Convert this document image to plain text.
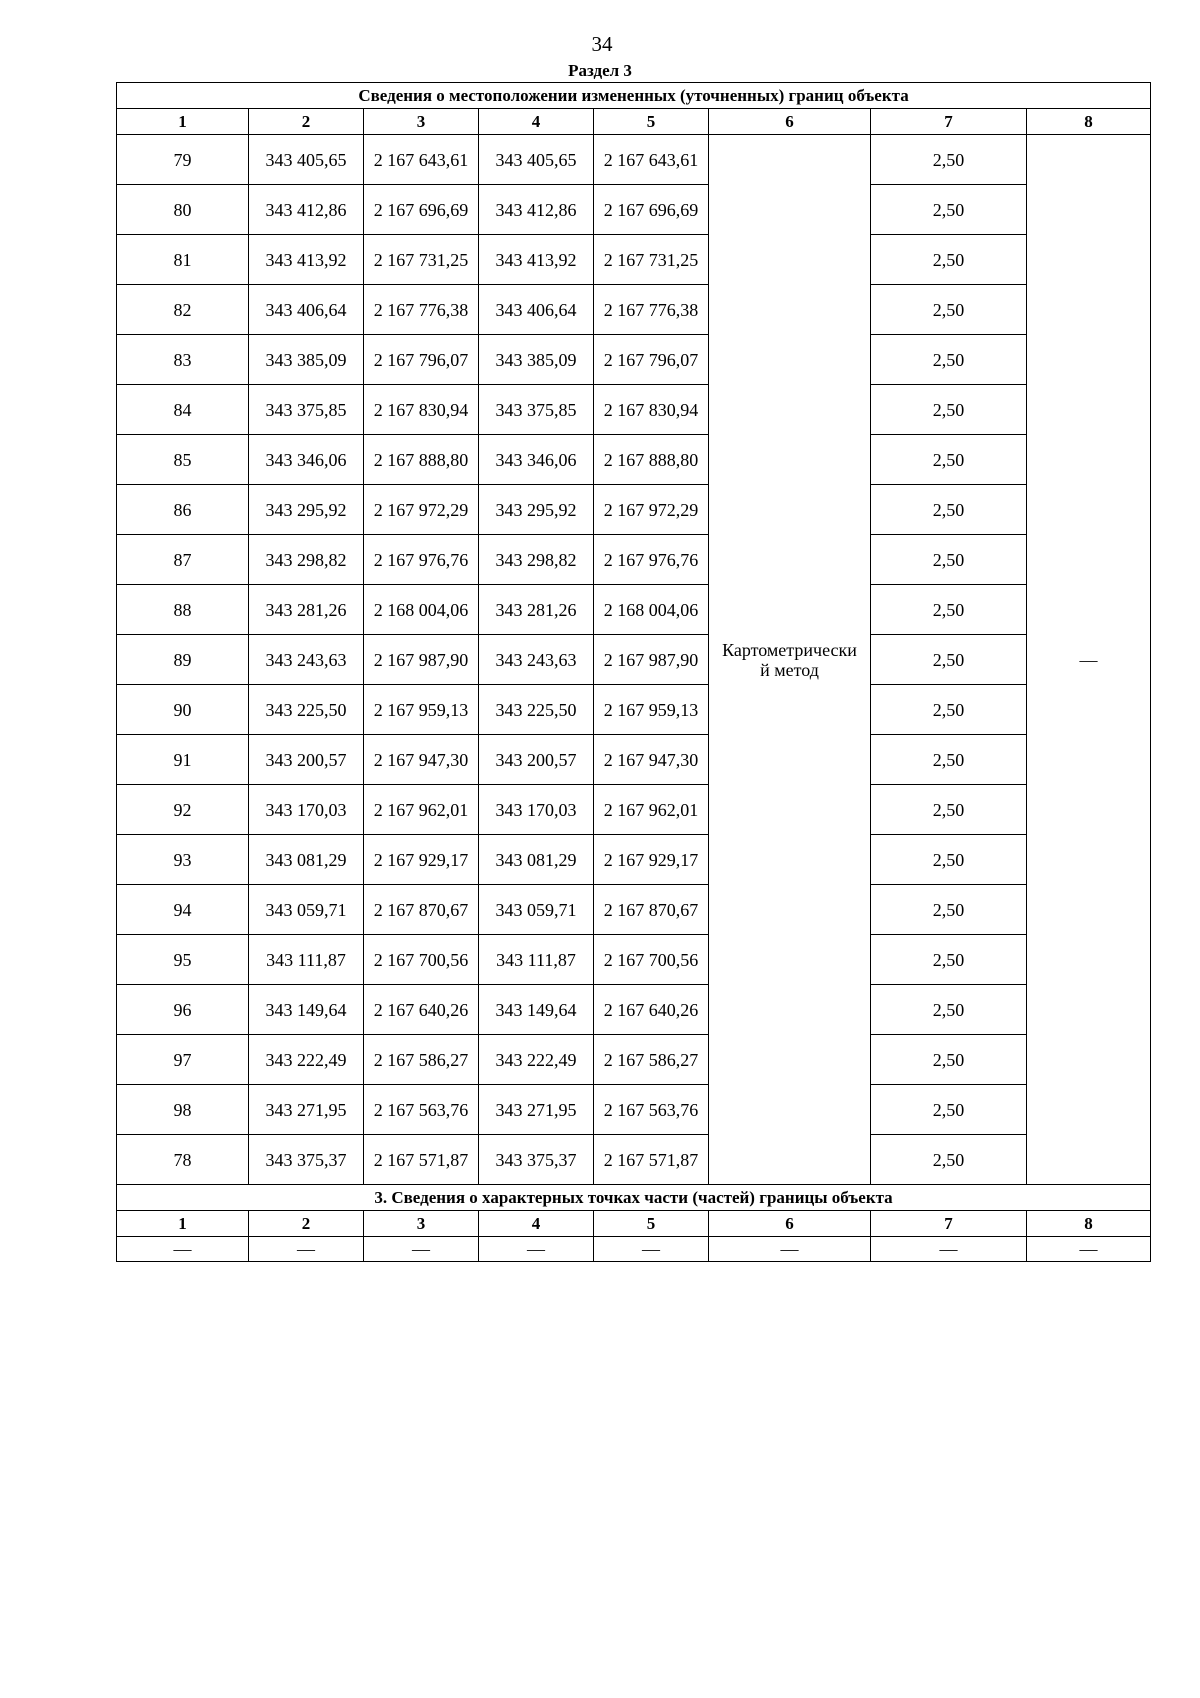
34
Раздел 3
Сведения о местоположении измененных (уточненных) границ объекта							
1	2	3	4	5	6	7	8
79	343 405,65	2 167 643,61	343 405,65	2 167 643,61	Картометрически
й метод	2,50	—
80	343 412,86	2 167 696,69	343 412,86	2 167 696,69		2,50	
81	343 413,92	2 167 731,25	343 413,92	2 167 731,25		2,50	
82	343 406,64	2 167 776,38	343 406,64	2 167 776,38		2,50	
83	343 385,09	2 167 796,07	343 385,09	2 167 796,07		2,50	
84	343 375,85	2 167 830,94	343 375,85	2 167 830,94		2,50	
85	343 346,06	2 167 888,80	343 346,06	2 167 888,80		2,50	
86	343 295,92	2 167 972,29	343 295,92	2 167 972,29		2,50	
87	343 298,82	2 167 976,76	343 298,82	2 167 976,76		2,50	
88	343 281,26	2 168 004,06	343 281,26	2 168 004,06		2,50	
89	343 243,63	2 167 987,90	343 243,63	2 167 987,90		2,50	
90	343 225,50	2 167 959,13	343 225,50	2 167 959,13		2,50	
91	343 200,57	2 167 947,30	343 200,57	2 167 947,30		2,50	
92	343 170,03	2 167 962,01	343 170,03	2 167 962,01		2,50	
93	343 081,29	2 167 929,17	343 081,29	2 167 929,17		2,50	
94	343 059,71	2 167 870,67	343 059,71	2 167 870,67		2,50	
95	343 111,87	2 167 700,56	343 111,87	2 167 700,56		2,50	
96	343 149,64	2 167 640,26	343 149,64	2 167 640,26		2,50	
97	343 222,49	2 167 586,27	343 222,49	2 167 586,27		2,50	
98	343 271,95	2 167 563,76	343 271,95	2 167 563,76		2,50	
78	343 375,37	2 167 571,87	343 375,37	2 167 571,87		2,50	
3. Сведения о характерных точках части (частей) границы объекта							
1	2	3	4	5	6	7	8
—	—	—	—	—	—	—	—
